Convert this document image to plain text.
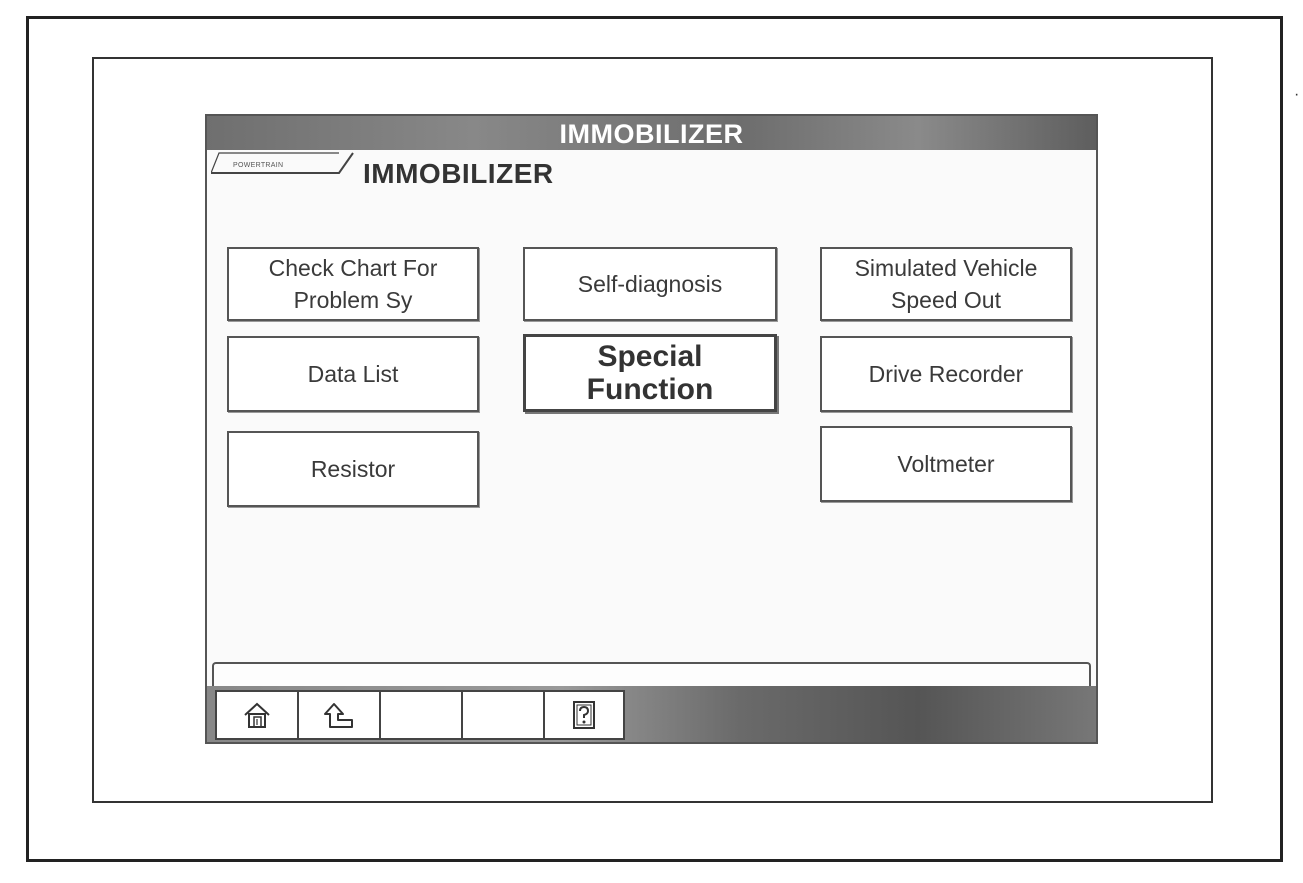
·
IMMOBILIZER
POWERTRAIN	IMMOBILIZER
Check Chart For
Problem Sy
Data List
Resistor
Self-diagnosis
Special
Function
Simulated Vehicle
Speed Out
Drive Recorder
Voltmeter
